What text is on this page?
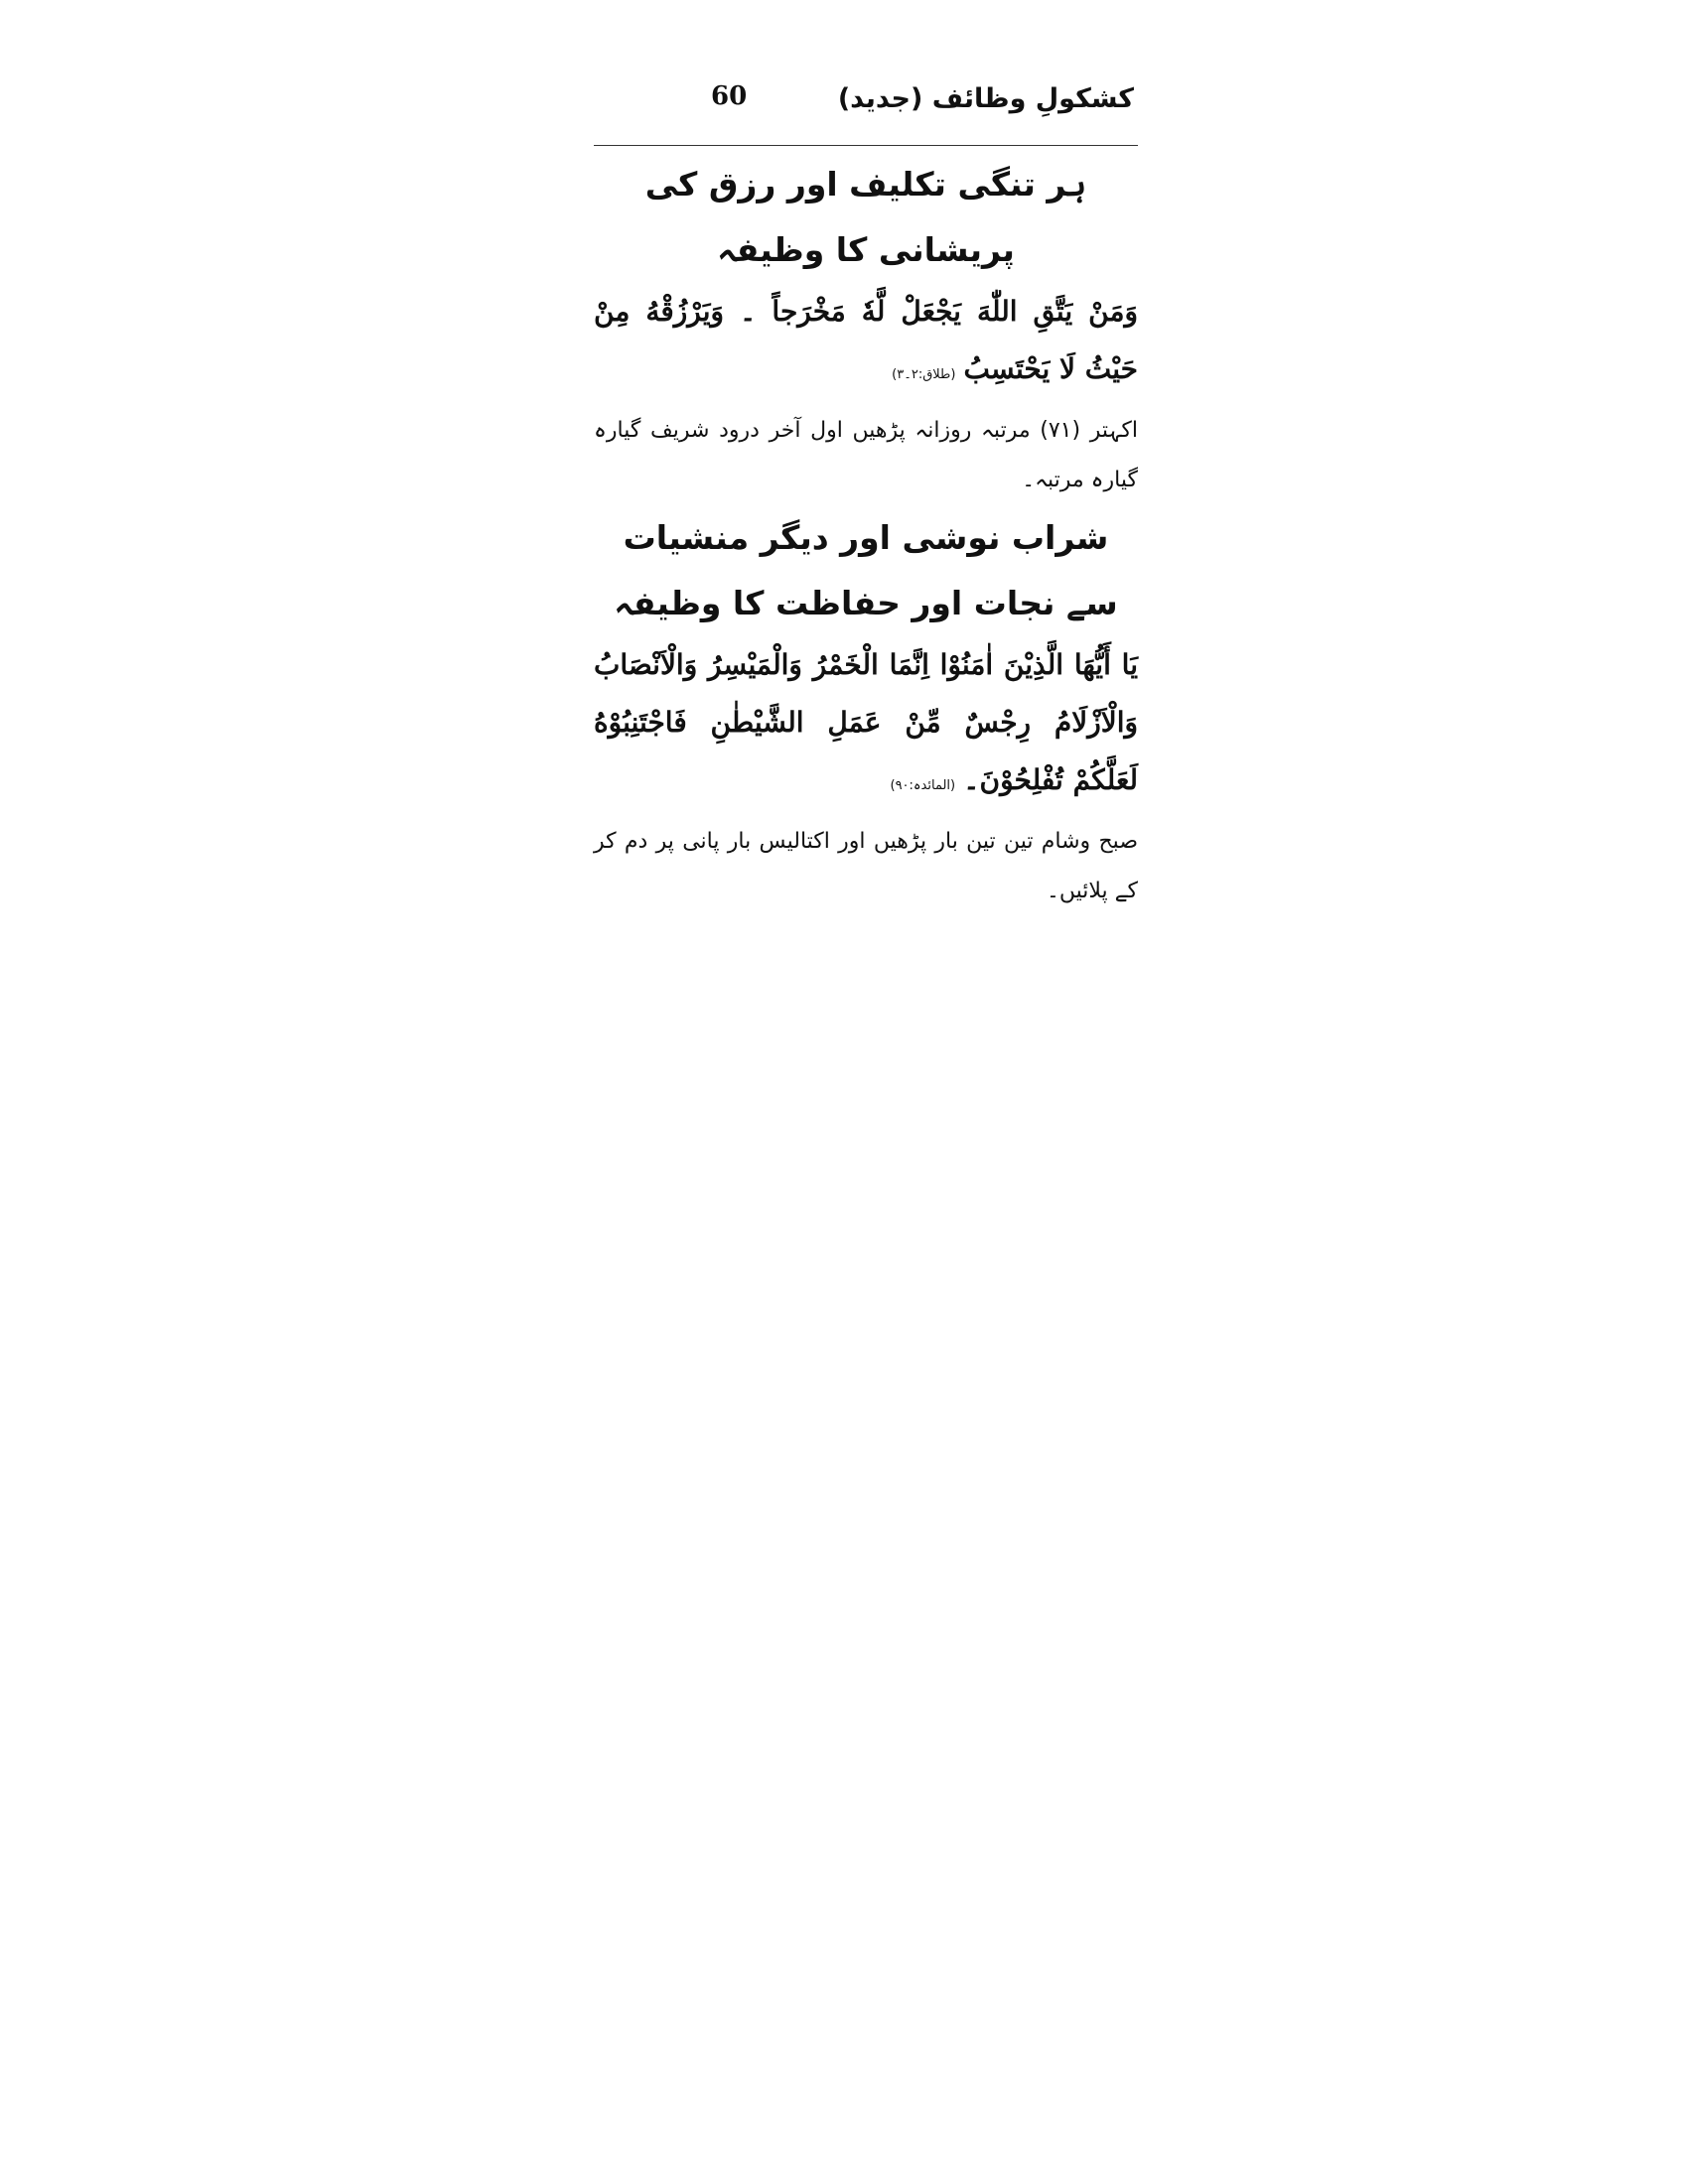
کشکولِ وظائف (جدید)
60
ہر تنگی تکلیف اور رزق کی پریشانی کا وظیفہ

وَمَنْ يَتَّقِ اللّٰهَ يَجْعَلْ لَّهٗ مَخْرَجاً ۔ وَيَرْزُقْهُ مِنْ حَيْثُ لَا يَحْتَسِبُ(طلاق:۲۔۳)

اکہتر (۷۱) مرتبہ روزانہ پڑھیں اول آخر درود شریف گیارہ گیارہ مرتبہ۔

شراب نوشی اور دیگر منشیات سے نجات اور حفاظت کا وظیفہ

يَا أَيُّهَا الَّذِيْنَ اٰمَنُوْا اِنَّمَا الْخَمْرُ وَالْمَيْسِرُ وَالْاَنْصَابُ وَالْاَزْلَامُ رِجْسٌ مِّنْ عَمَلِ الشَّيْطٰنِ فَاجْتَنِبُوْهُ لَعَلَّكُمْ تُفْلِحُوْنَ۔(المائدہ:۹۰)

صبح وشام تین تین بار پڑھیں اور اکتالیس بار پانی پر دم کر کے پلائیں۔
